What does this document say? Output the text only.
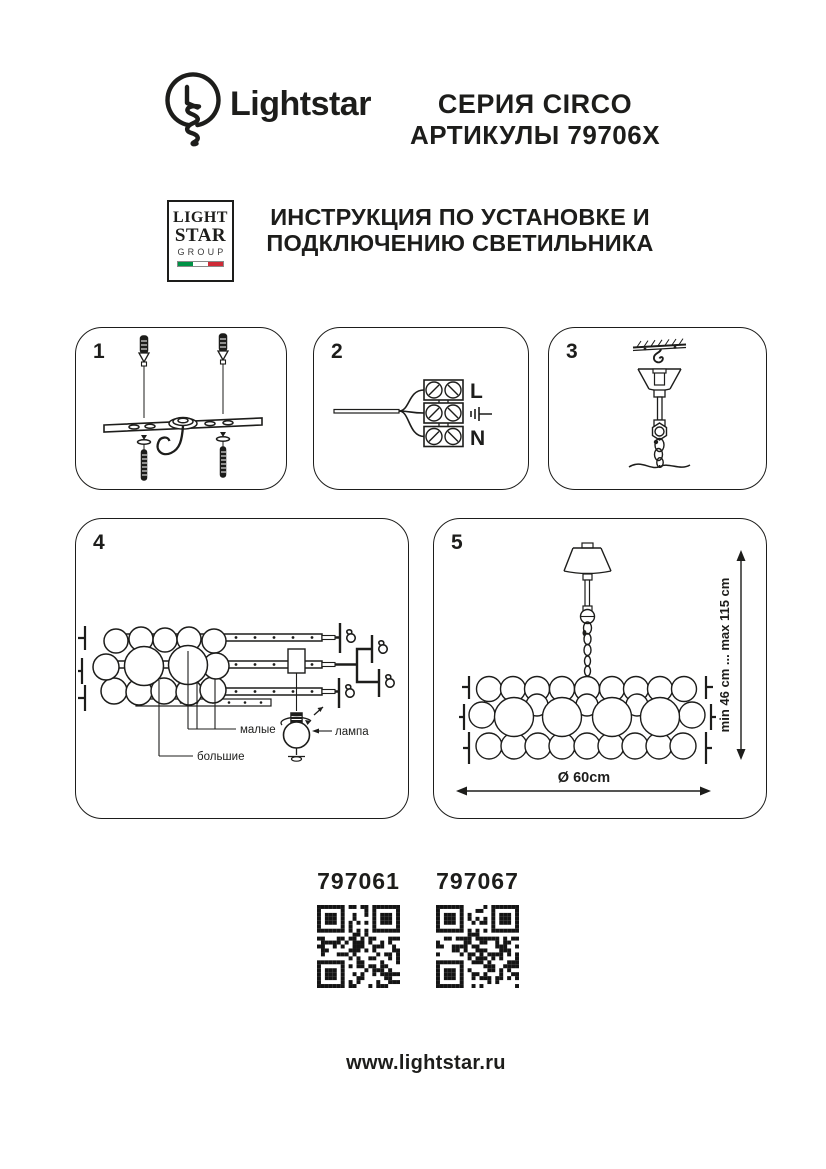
Lightstar	СЕРИЯ CIRCO
АРТИКУЛЫ 79706X
LIGHT
STAR
GROUP
ИНСТРУКЦИЯ ПО УСТАНОВКЕ И
ПОДКЛЮЧЕНИЮ СВЕТИЛЬНИКА
1	2
L
N
3
4
малые
большие
лампа
5
min 46 cm ... max 115 cm
Ø 60cm
797061	797067
www.lightstar.ru
